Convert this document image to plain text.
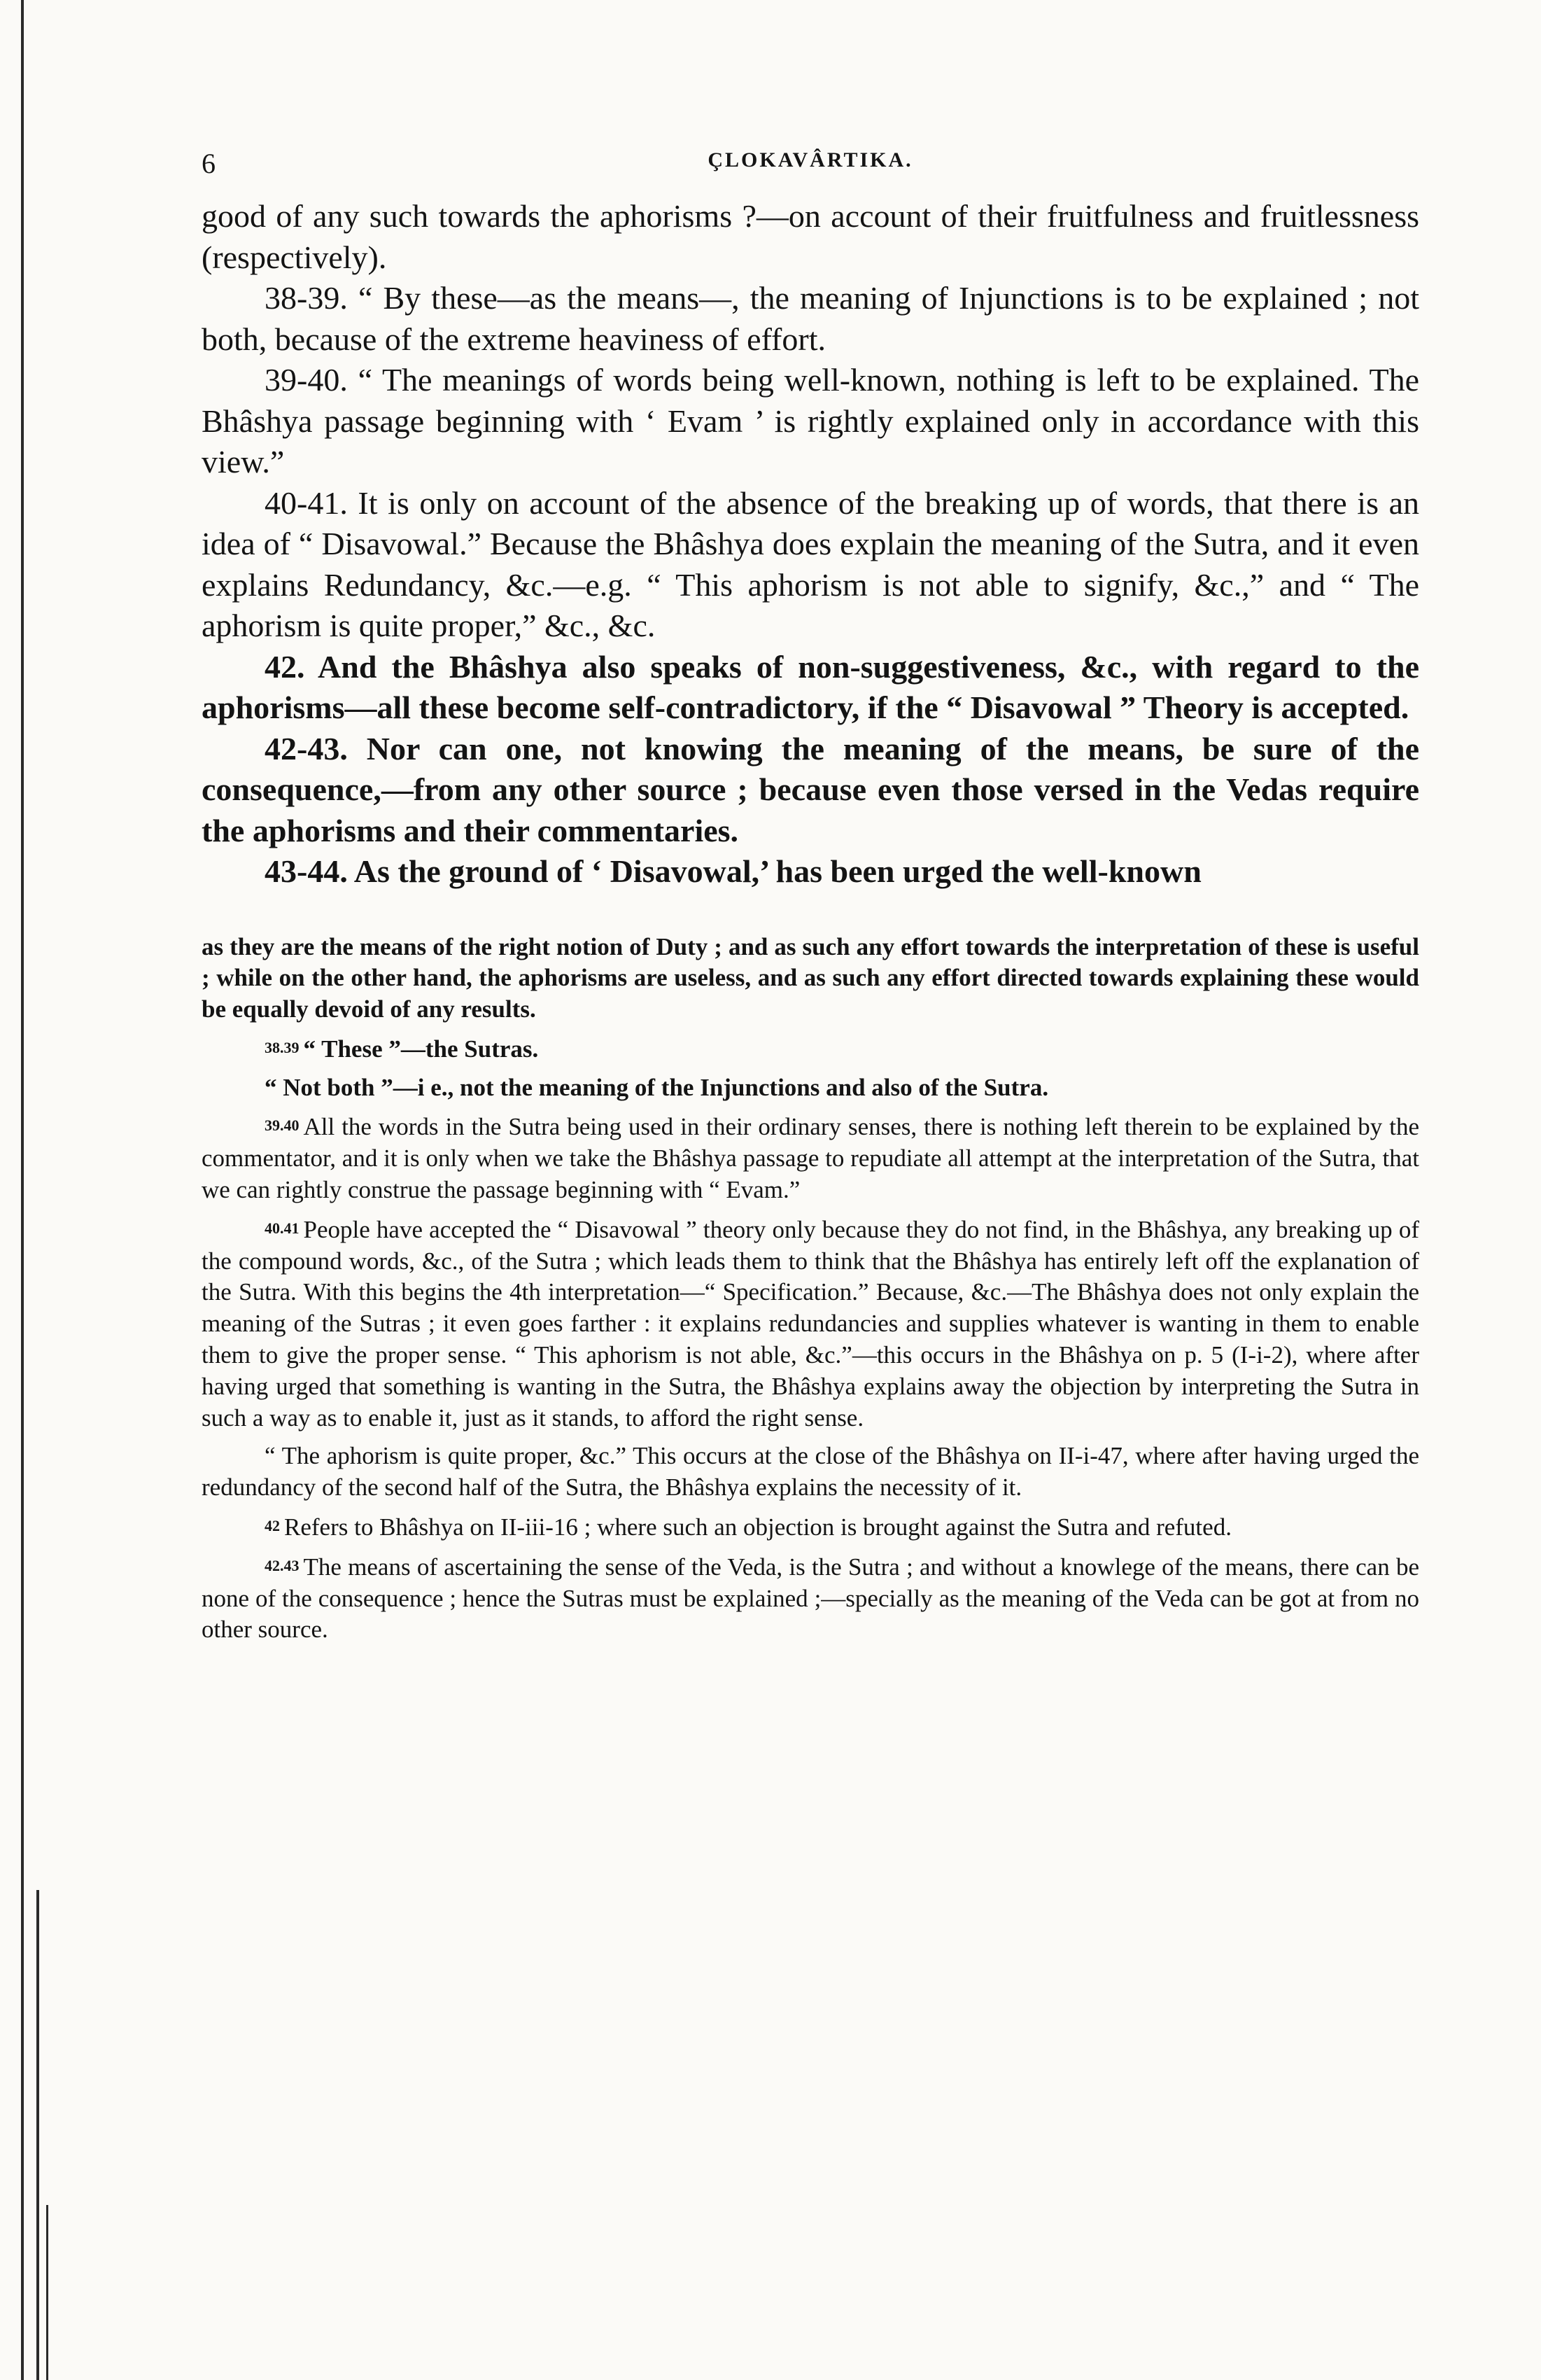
6	ÇLOKAVÂRTIKA.

good of any such towards the aphorisms ?—on account of their fruitfulness and fruitlessness (respectively).

38-39. “ By these—as the means—, the meaning of Injunctions is to be explained ; not both, because of the extreme heaviness of effort.

39-40. “ The meanings of words being well-known, nothing is left to be explained. The Bhâshya passage beginning with ‘ Evam ’ is rightly explained only in accordance with this view.”

40-41. It is only on account of the absence of the breaking up of words, that there is an idea of “ Disavowal.” Because the Bhâshya does explain the meaning of the Sutra, and it even explains Redundancy, &c.—e.g. “ This aphorism is not able to signify, &c.,” and “ The aphorism is quite proper,” &c., &c.

42. And the Bhâshya also speaks of non-suggestiveness, &c., with regard to the aphorisms—all these become self-contradictory, if the “ Disavowal ” Theory is accepted.

42-43. Nor can one, not knowing the meaning of the means, be sure of the consequence,—from any other source ; because even those versed in the Vedas require the aphorisms and their commentaries.

43-44. As the ground of ‘ Disavowal,’ has been urged the well-known

as they are the means of the right notion of Duty ; and as such any effort towards the interpretation of these is useful ; while on the other hand, the aphorisms are useless, and as such any effort directed towards explaining these would be equally devoid of any results.

38.39 “ These ”—the Sutras.

“ Not both ”—i e., not the meaning of the Injunctions and also of the Sutra.

39.40 All the words in the Sutra being used in their ordinary senses, there is nothing left therein to be explained by the commentator, and it is only when we take the Bhâshya passage to repudiate all attempt at the interpretation of the Sutra, that we can rightly construe the passage beginning with “ Evam.”

40.41 People have accepted the “ Disavowal ” theory only because they do not find, in the Bhâshya, any breaking up of the compound words, &c., of the Sutra ; which leads them to think that the Bhâshya has entirely left off the explanation of the Sutra. With this begins the 4th interpretation—“ Specification.” Because, &c.—The Bhâshya does not only explain the meaning of the Sutras ; it even goes farther : it explains redundancies and supplies whatever is wanting in them to enable them to give the proper sense. “ This aphorism is not able, &c.”—this occurs in the Bhâshya on p. 5 (I-i-2), where after having urged that something is wanting in the Sutra, the Bhâshya explains away the objection by interpreting the Sutra in such a way as to enable it, just as it stands, to afford the right sense.

“ The aphorism is quite proper, &c.” This occurs at the close of the Bhâshya on II-i-47, where after having urged the redundancy of the second half of the Sutra, the Bhâshya explains the necessity of it.

42 Refers to Bhâshya on II-iii-16 ; where such an objection is brought against the Sutra and refuted.

42.43 The means of ascertaining the sense of the Veda, is the Sutra ; and without a knowlege of the means, there can be none of the consequence ; hence the Sutras must be explained ;—specially as the meaning of the Veda can be got at from no other source.
